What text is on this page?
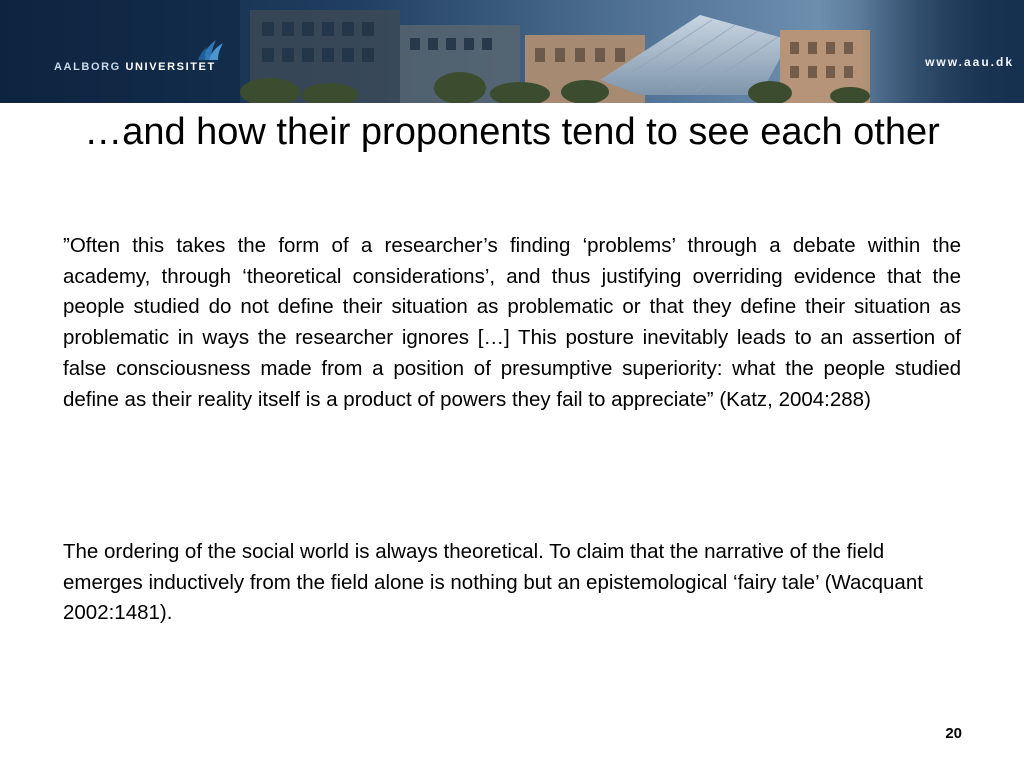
AALBORG UNIVERSITET	www.aau.dk
…and how their proponents tend to see each other

”Often this takes the form of a researcher’s finding ‘problems’ through a debate within the academy, through ‘theoretical considerations’, and thus justifying overriding evidence that the people studied do not define their situation as problematic or that they define their situation as problematic in ways the researcher ignores […] This posture inevitably leads to an assertion of false consciousness made from a position of presumptive superiority: what the people studied define as their reality itself is a product of powers they fail to appreciate” (Katz, 2004:288)

The ordering of the social world is always theoretical. To claim that the narrative of the field emerges inductively from the field alone is nothing but an epistemological ‘fairy tale’ (Wacquant 2002:1481).

20
